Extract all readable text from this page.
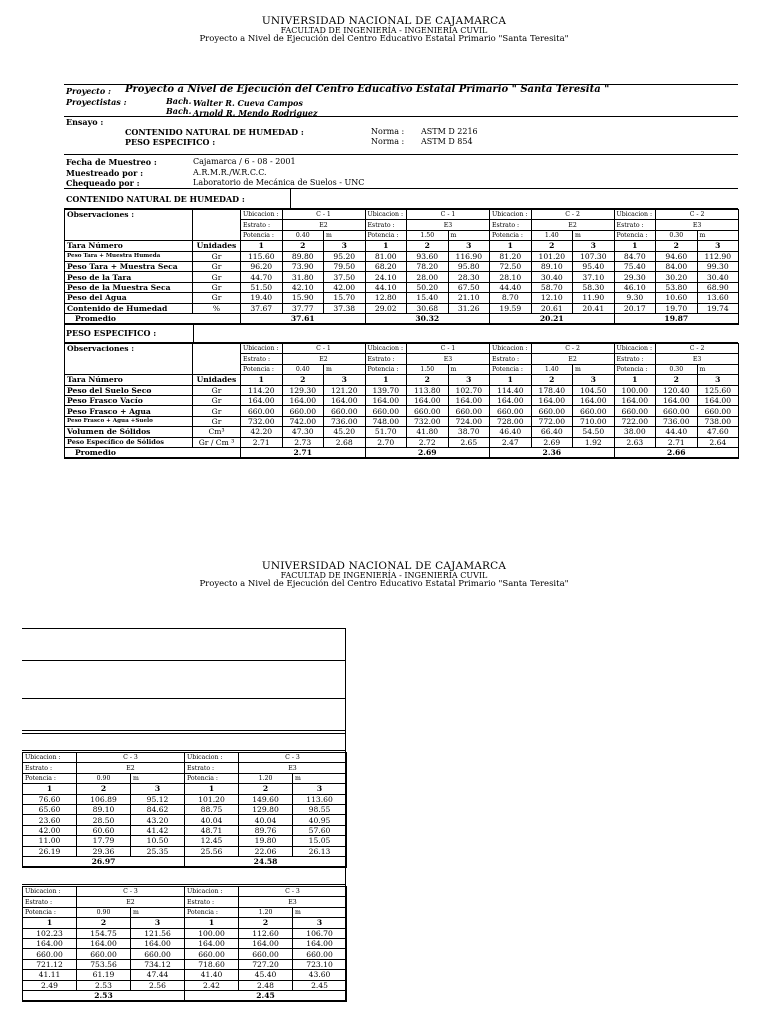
UNIVERSIDAD NACIONAL DE CAJAMARCA
FACULTAD DE INGENIERÍA - INGENIERÍA CUVIL
Proyecto a Nivel de Ejecución del Centro Educativo Estatal Primario "Santa Teresita"
Proyecto : Proyecto a Nivel de Ejecución del Centro Educativo Estatal Primario " Santa Teresita "
Proyectistas :	Bach. Walter R. Cueva Campos
Bach. Arnold R. Mendo Rodriguez
Ensayo :
CONTENIDO NATURAL DE HUMEDAD :
PESO ESPECIFICO :
Norma : ASTM D 2216
Norma : ASTM D 854
Fecha de Muestreo :	Cajamarca / 6 - 08 - 2001
Muestreado por :	A.R.M.R./W.R.C.C.
Chequeado por :	Laboratorio de Mecánica de Suelos - UNC
CONTENIDO NATURAL DE HUMEDAD :
Observaciones :		Ubicacion :	C - 1		Ubicacion :	C - 1		Ubicacion :	C - 2		Ubicacion :	C - 2	
		Estrato :	E2		Estrato :	E3		Estrato :	E2		Estrato :	E3	
		Potencia :	0.40	m	Potencia :	1.50	m	Potencia :	1.40	m	Potencia :	0.30	m
Tara Número	Unidades	1	2	3	1	2	3	1	2	3	1	2	3
Peso Tara + Muestra Humeda	Gr	115.60	89.80	95.20	81.00	93.60	116.90	81.20	101.20	107.30	84.70	94.60	112.90
Peso Tara + Muestra Seca	Gr	96.20	73.90	79.50	68.20	78.20	95.80	72.50	89.10	95.40	75.40	84.00	99.30
Peso de la Tara	Gr	44.70	31.80	37.50	24.10	28.00	28.30	28.10	30.40	37.10	29.30	30.20	30.40
Peso de la Muestra Seca	Gr	51.50	42.10	42.00	44.10	50.20	67.50	44.40	58.70	58.30	46.10	53.80	68.90
Peso del Agua	Gr	19.40	15.90	15.70	12.80	15.40	21.10	8.70	12.10	11.90	9.30	10.60	13.60
Contenido de Humedad	%	37.67	37.77	37.38	29.02	30.68	31.26	19.59	20.61	20.41	20.17	19.70	19.74
Promedio		37.61			30.32			20.21			19.87		
PESO ESPECIFICO :
Observaciones :		Ubicacion :	C - 1		Ubicacion :	C - 1		Ubicacion :	C - 2		Ubicacion :	C - 2	
		Estrato :	E2		Estrato :	E3		Estrato :	E2		Estrato :	E3	
		Potencia :	0.40	m	Potencia :	1.50	m	Potencia :	1.40	m	Potencia :	0.30	m
Tara Número	Unidades	1	2	3	1	2	3	1	2	3	1	2	3
Peso del Suelo Seco	Gr	114.20	129.30	121.20	139.70	113.80	102.70	114.40	178.40	104.50	100.00	120.40	125.60
Peso Frasco Vacío	Gr	164.00	164.00	164.00	164.00	164.00	164.00	164.00	164.00	164.00	164.00	164.00	164.00
Peso Frasco + Agua	Gr	660.00	660.00	660.00	660.00	660.00	660.00	660.00	660.00	660.00	660.00	660.00	660.00
Peso Frasco + Agua +Suelo	Gr	732.00	742.00	736.00	748.00	732.00	724.00	728.00	772.00	710.00	722.00	736.00	738.00
Volumen de Sólidos	Cm³	42.20	47.30	45.20	51.70	41.80	38.70	46.40	66.40	54.50	38.00	44.40	47.60
Peso Específico de Sólidos	Gr / Cm ³	2.71	2.73	2.68	2.70	2.72	2.65	2.47	2.69	1.92	2.63	2.71	2.64
Promedio		2.71			2.69			2.36			2.66		
UNIVERSIDAD NACIONAL DE CAJAMARCA
FACULTAD DE INGENIERÍA - INGENIERÍA CUVIL
Proyecto a Nivel de Ejecución del Centro Educativo Estatal Primario "Santa Teresita"
Ubicacion :	C - 3		Ubicacion :	C - 3	
Estrato :	E2		Estrato :	E3	
Potencia :	0.90	m	Potencia :	1.20	m
1	2	3	1	2	3
76.60	106.89	95.12	101.20	149.60	113.60
65.60	89.10	84.62	88.75	129.80	98.55
23.60	28.50	43.20	40.04	40.04	40.95
42.00	60.60	41.42	48.71	89.76	57.60
11.00	17.79	10.50	12.45	19.80	15.05
26.19	29.36	25.35	25.56	22.06	26.13
26.97			24.58		
Ubicacion :	C - 3		Ubicacion :	C - 3	
Estrato :	E2		Estrato :	E3	
Potencia :	0.90	m	Potencia :	1.20	m
1	2	3	1	2	3
102.23	154.75	121.56	100.00	112.60	106.70
164.00	164.00	164.00	164.00	164.00	164.00
660.00	660.00	660.00	660.00	660.00	660.00
721.12	753.56	734.12	718.60	727.20	723.10
41.11	61.19	47.44	41.40	45.40	43.60
2.49	2.53	2.56	2.42	2.48	2.45
2.53			2.45		
